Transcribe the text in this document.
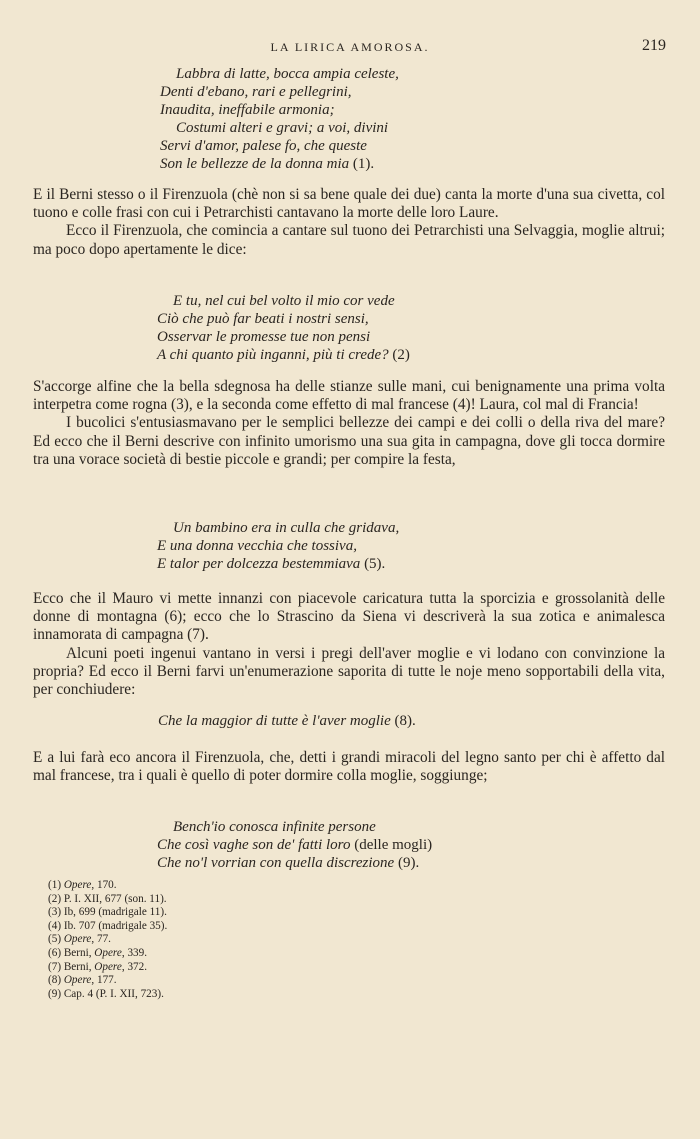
LA LIRICA AMOROSA.	219
Labbra di latte, bocca ampia celeste,
Denti d'ebano, rari e pellegrini,
Inaudita, ineffabile armonia;
Costumi alteri e gravi; a voi, divini
Servi d'amor, palese fo, che queste
Son le bellezze de la donna mia (1).

E il Berni stesso o il Firenzuola (chè non si sa bene quale dei due) canta la morte d'una sua civetta, col tuono e colle frasi con cui i Petrarchisti cantavano la morte delle loro Laure.

Ecco il Firenzuola, che comincia a cantare sul tuono dei Petrarchisti una Selvaggia, moglie altrui; ma poco dopo apertamente le dice:

E tu, nel cui bel volto il mio cor vede
Ciò che può far beati i nostri sensi,
Osservar le promesse tue non pensi
A chi quanto più inganni, più ti crede? (2)

S'accorge alfine che la bella sdegnosa ha delle stianze sulle mani, cui benignamente una prima volta interpetra come rogna (3), e la seconda come effetto di mal francese (4)! Laura, col mal di Francia!

I bucolici s'entusiasmavano per le semplici bellezze dei campi e dei colli o della riva del mare? Ed ecco che il Berni descrive con infinito umorismo una sua gita in campagna, dove gli tocca dormire tra una vorace società di bestie piccole e grandi; per compire la festa,

Un bambino era in culla che gridava,
E una donna vecchia che tossiva,
E talor per dolcezza bestemmiava (5).

Ecco che il Mauro vi mette innanzi con piacevole caricatura tutta la sporcizia e grossolanità delle donne di montagna (6); ecco che lo Strascino da Siena vi descriverà la sua zotica e animalesca innamorata di campagna (7).

Alcuni poeti ingenui vantano in versi i pregi dell'aver moglie e vi lodano con convinzione la propria? Ed ecco il Berni farvi un'enumerazione saporita di tutte le noje meno sopportabili della vita, per conchiudere:

Che la maggior di tutte è l'aver moglie (8).

E a lui farà eco ancora il Firenzuola, che, detti i grandi miracoli del legno santo per chi è affetto dal mal francese, tra i quali è quello di poter dormire colla moglie, soggiunge;

Bench'io conosca infinite persone
Che così vaghe son de' fatti loro (delle mogli)
Che no'l vorrian con quella discrezione (9).
(1) Opere, 170.
(2) P. I. XII, 677 (son. 11).
(3) Ib, 699 (madrigale 11).
(4) Ib. 707 (madrigale 35).
(5) Opere, 77.
(6) Berni, Opere, 339.
(7) Berni, Opere, 372.
(8) Opere, 177.
(9) Cap. 4 (P. I. XII, 723).
